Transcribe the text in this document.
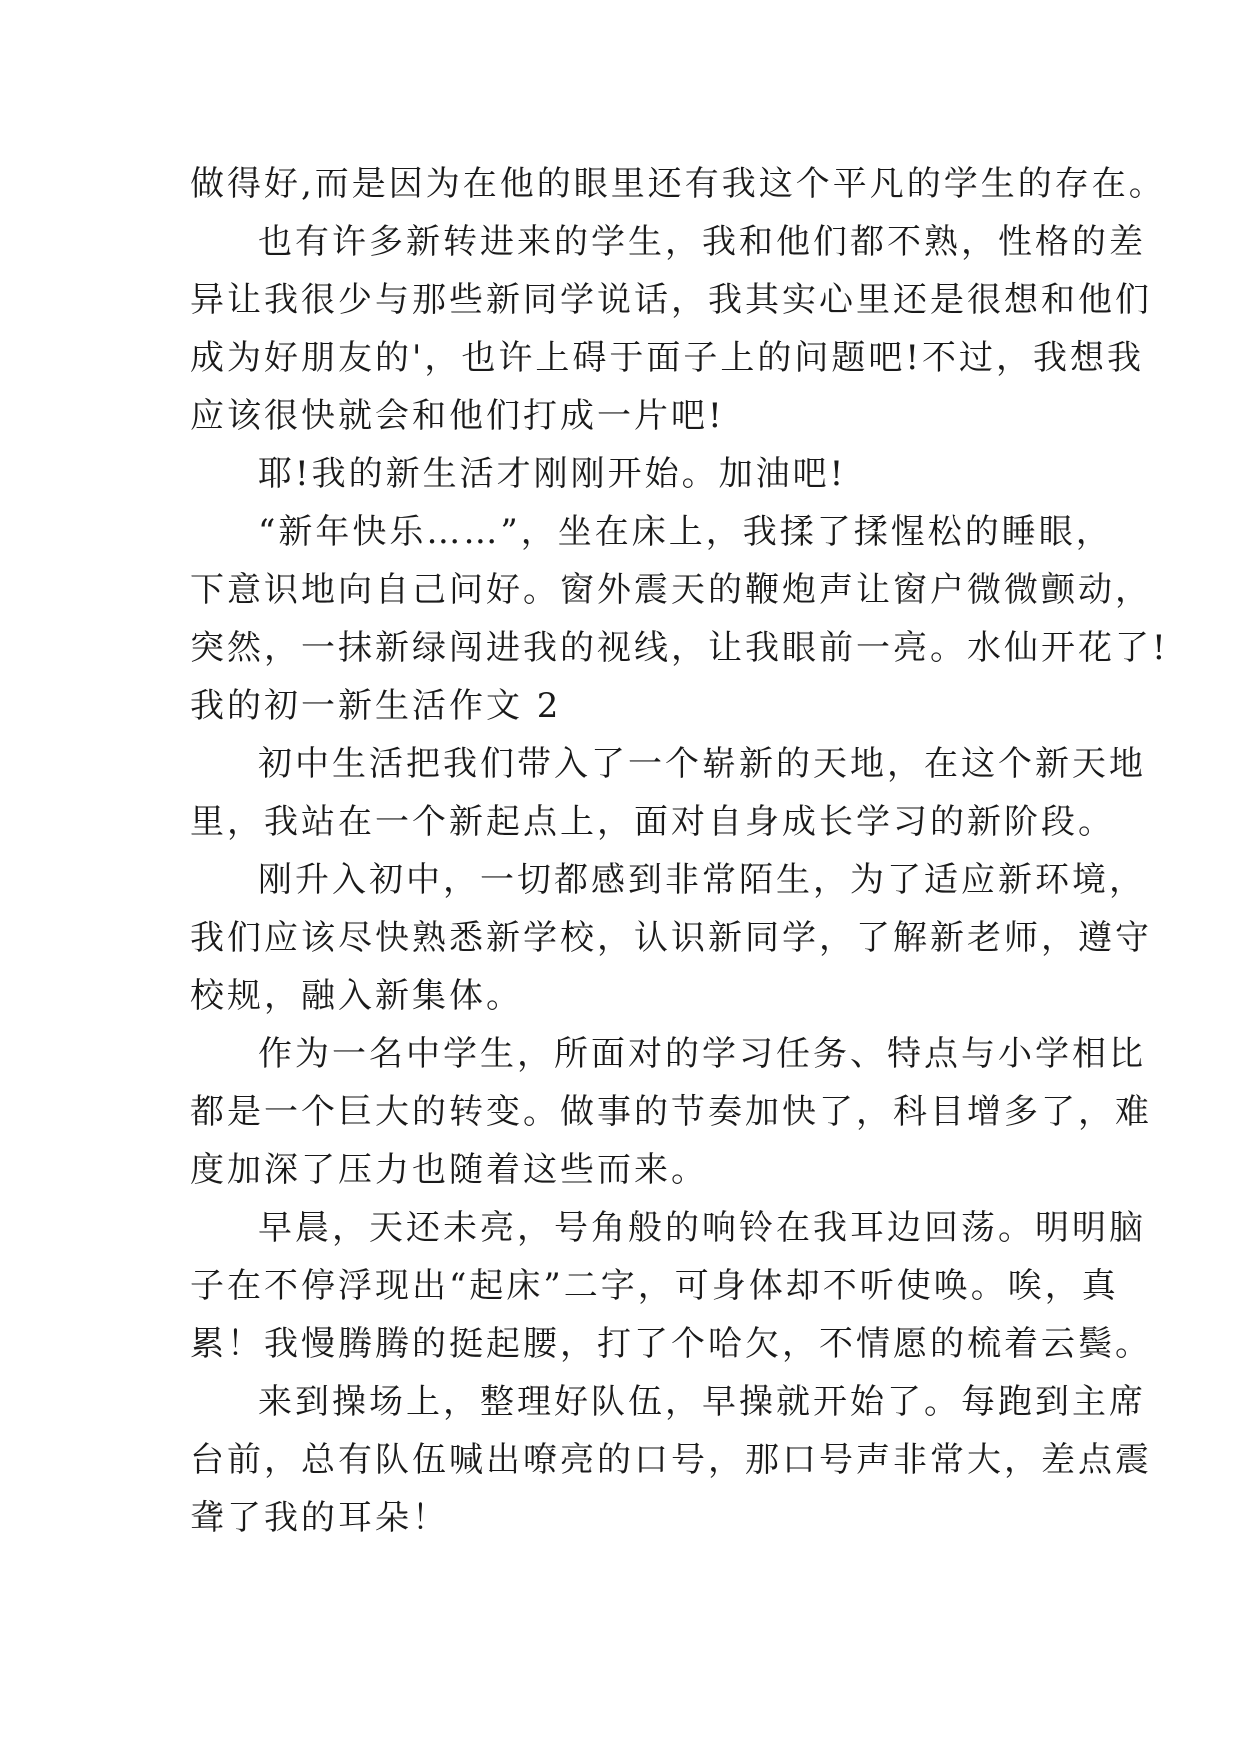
做得好,而是因为在他的眼里还有我这个平凡的学生的存在。
也有许多新转进来的学生，我和他们都不熟，性格的差
异让我很少与那些新同学说话，我其实心里还是很想和他们
成为好朋友的'，也许上碍于面子上的问题吧!不过，我想我
应该很快就会和他们打成一片吧!
耶!我的新生活才刚刚开始。加油吧!
“新年快乐……”，坐在床上，我揉了揉惺松的睡眼，
下意识地向自己问好。窗外震天的鞭炮声让窗户微微颤动，
突然，一抹新绿闯进我的视线，让我眼前一亮。水仙开花了!
我的初一新生活作文 2
初中生活把我们带入了一个崭新的天地，在这个新天地
里，我站在一个新起点上，面对自身成长学习的新阶段。
刚升入初中，一切都感到非常陌生，为了适应新环境，
我们应该尽快熟悉新学校，认识新同学，了解新老师，遵守
校规，融入新集体。
作为一名中学生，所面对的学习任务、特点与小学相比
都是一个巨大的转变。做事的节奏加快了，科目增多了，难
度加深了压力也随着这些而来。
早晨，天还未亮，号角般的响铃在我耳边回荡。明明脑
子在不停浮现出“起床”二字，可身体却不听使唤。唉，真
累！我慢腾腾的挺起腰，打了个哈欠，不情愿的梳着云鬓。
来到操场上，整理好队伍，早操就开始了。每跑到主席
台前，总有队伍喊出嘹亮的口号，那口号声非常大，差点震
聋了我的耳朵！
